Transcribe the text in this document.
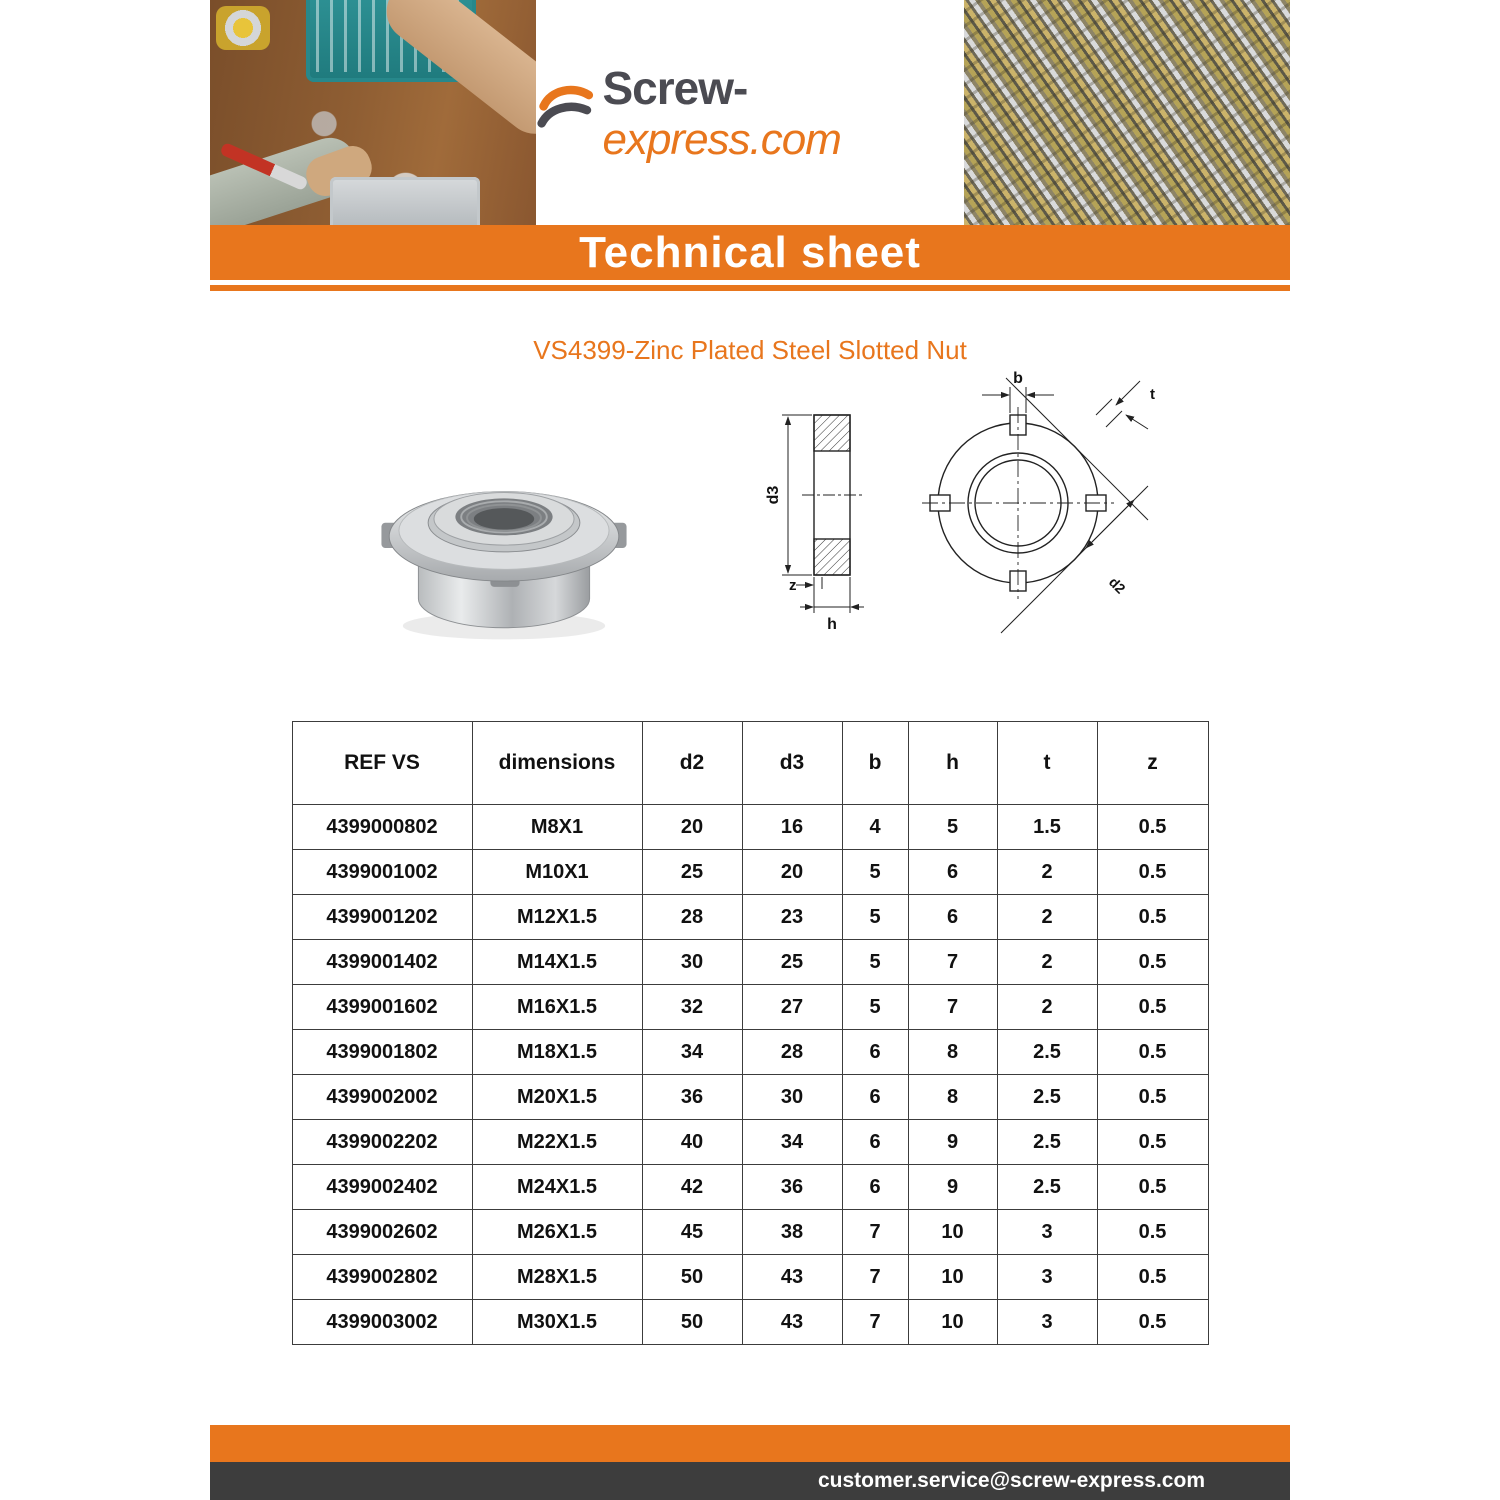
Screw-express.com
Technical sheet
VS4399-Zinc Plated Steel Slotted Nut
d3
z
h
b
t
d2
REF VS	dimensions	d2	d3	b	h	t	z
4399000802	M8X1	20	16	4	5	1.5	0.5
4399001002	M10X1	25	20	5	6	2	0.5
4399001202	M12X1.5	28	23	5	6	2	0.5
4399001402	M14X1.5	30	25	5	7	2	0.5
4399001602	M16X1.5	32	27	5	7	2	0.5
4399001802	M18X1.5	34	28	6	8	2.5	0.5
4399002002	M20X1.5	36	30	6	8	2.5	0.5
4399002202	M22X1.5	40	34	6	9	2.5	0.5
4399002402	M24X1.5	42	36	6	9	2.5	0.5
4399002602	M26X1.5	45	38	7	10	3	0.5
4399002802	M28X1.5	50	43	7	10	3	0.5
4399003002	M30X1.5	50	43	7	10	3	0.5
customer.service@screw-express.com
